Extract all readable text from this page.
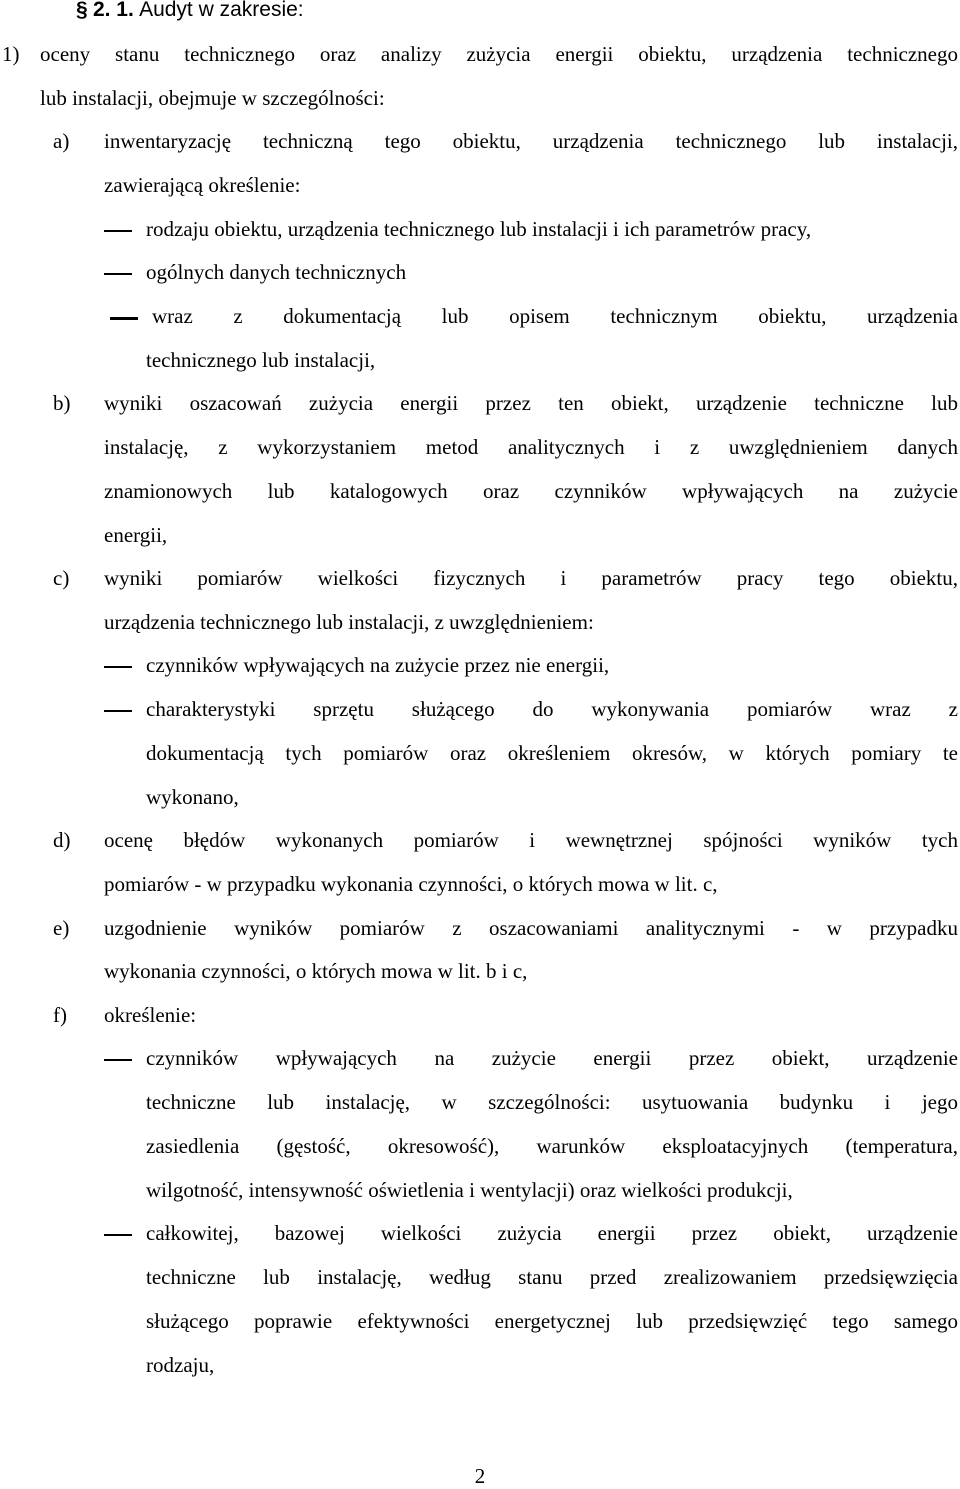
§ 2. 1. Audyt w zakresie:
1) oceny stanu technicznego oraz analizy zużycia energii obiektu, urządzenia technicznego
lub instalacji, obejmuje w szczególności:
a) inwentaryzację techniczną tego obiektu, urządzenia technicznego lub instalacji,
zawierającą określenie:
rodzaju obiektu, urządzenia technicznego lub instalacji i ich parametrów pracy,
ogólnych danych technicznych
wraz z dokumentacją lub opisem technicznym obiektu, urządzenia
technicznego lub instalacji,
b) wyniki oszacowań zużycia energii przez ten obiekt, urządzenie techniczne lub
instalację, z wykorzystaniem metod analitycznych i z uwzględnieniem danych
znamionowych lub katalogowych oraz czynników wpływających na zużycie
energii,
c) wyniki pomiarów wielkości fizycznych i parametrów pracy tego obiektu,
urządzenia technicznego lub instalacji, z uwzględnieniem:
czynników wpływających na zużycie przez nie energii,
charakterystyki sprzętu służącego do wykonywania pomiarów wraz z
dokumentacją tych pomiarów oraz określeniem okresów, w których pomiary te
wykonano,
d) ocenę błędów wykonanych pomiarów i wewnętrznej spójności wyników tych
pomiarów - w przypadku wykonania czynności, o których mowa w lit. c,
e) uzgodnienie wyników pomiarów z oszacowaniami analitycznymi - w przypadku
wykonania czynności, o których mowa w lit. b i c,
f) określenie:
czynników wpływających na zużycie energii przez obiekt, urządzenie
techniczne lub instalację, w szczególności: usytuowania budynku i jego
zasiedlenia (gęstość, okresowość), warunków eksploatacyjnych (temperatura,
wilgotność, intensywność oświetlenia i wentylacji) oraz wielkości produkcji,
całkowitej, bazowej wielkości zużycia energii przez obiekt, urządzenie
techniczne lub instalację, według stanu przed zrealizowaniem przedsięwzięcia
służącego poprawie efektywności energetycznej lub przedsięwzięć tego samego
rodzaju,
2
